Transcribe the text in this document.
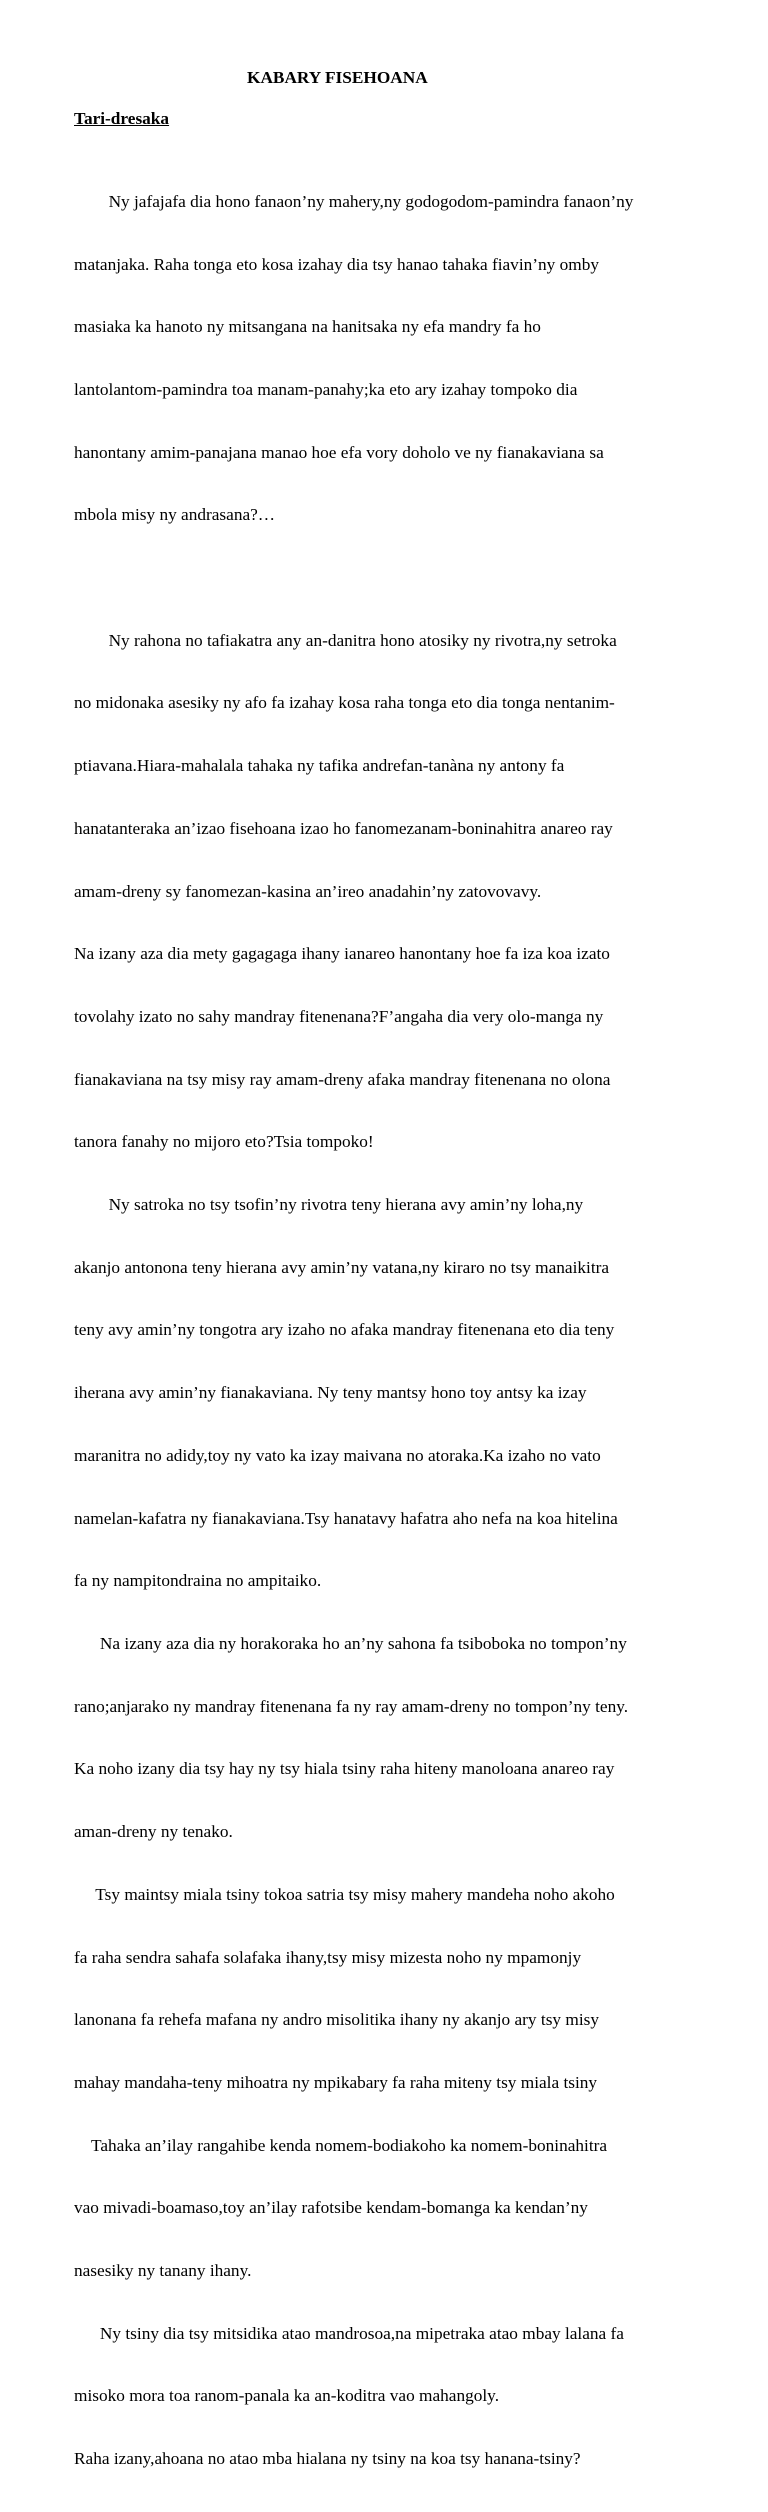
KABARY FISEHOANA
Tari-dresaka

Ny jafajafa dia hono fanaon’ny mahery,ny godogodom-pamindra fanaon’ny

matanjaka. Raha tonga eto kosa izahay dia tsy hanao tahaka fiavin’ny omby

masiaka ka hanoto ny mitsangana na hanitsaka ny efa mandry fa ho

lantolantom-pamindra toa manam-panahy;ka eto ary izahay tompoko dia

hanontany amim-panajana manao hoe efa vory doholo ve ny fianakaviana sa

mbola misy ny andrasana?…

Ny rahona no tafiakatra any an-danitra hono atosiky ny rivotra,ny setroka

no midonaka asesiky ny afo fa izahay kosa raha tonga eto dia tonga nentanim-

ptiavana.Hiara-mahalala tahaka ny tafika andrefan-tanàna ny antony fa

hanatanteraka an’izao fisehoana izao ho fanomezanam-boninahitra anareo ray

amam-dreny sy fanomezan-kasina an’ireo anadahin’ny zatovovavy.

Na izany aza dia mety gagagaga ihany ianareo hanontany hoe fa iza koa izato

tovolahy izato no sahy mandray fitenenana?F’angaha dia very olo-manga ny

fianakaviana na tsy misy ray amam-dreny afaka mandray fitenenana no olona

tanora fanahy no mijoro eto?Tsia tompoko!

Ny satroka no tsy tsofin’ny rivotra teny hierana avy amin’ny loha,ny

akanjo antonona teny hierana avy amin’ny vatana,ny kiraro no tsy manaikitra

teny avy amin’ny tongotra ary izaho no afaka mandray fitenenana eto dia teny

iherana avy amin’ny fianakaviana. Ny teny mantsy hono toy antsy ka izay

maranitra no adidy,toy ny vato ka izay maivana no atoraka.Ka izaho no vato

namelan-kafatra ny fianakaviana.Tsy hanatavy hafatra aho nefa na koa hitelina

fa ny nampitondraina no ampitaiko.

Na izany aza dia ny horakoraka ho an’ny sahona fa tsiboboka no tompon’ny

rano;anjarako ny mandray fitenenana fa ny ray amam-dreny no tompon’ny teny.

Ka noho izany dia tsy hay ny tsy hiala tsiny raha hiteny manoloana anareo ray

aman-dreny ny tenako.

Tsy maintsy miala tsiny tokoa satria tsy misy mahery mandeha noho akoho

fa raha sendra sahafa solafaka ihany,tsy misy mizesta noho ny mpamonjy

lanonana fa rehefa mafana ny andro misolitika ihany ny akanjo ary tsy misy

mahay mandaha-teny mihoatra ny mpikabary fa raha miteny tsy miala tsiny

Tahaka an’ilay rangahibe kenda nomem-bodiakoho ka nomem-boninahitra

vao mivadi-boamaso,toy an’ilay rafotsibe kendam-bomanga ka kendan’ny

nasesiky ny tanany ihany.

Ny tsiny dia tsy mitsidika atao mandrosoa,na mipetraka atao mbay lalana fa

misoko mora toa ranom-panala ka an-koditra vao mahangoly.

Raha izany,ahoana no atao mba hialana ny tsiny na koa tsy hanana-tsiny?
